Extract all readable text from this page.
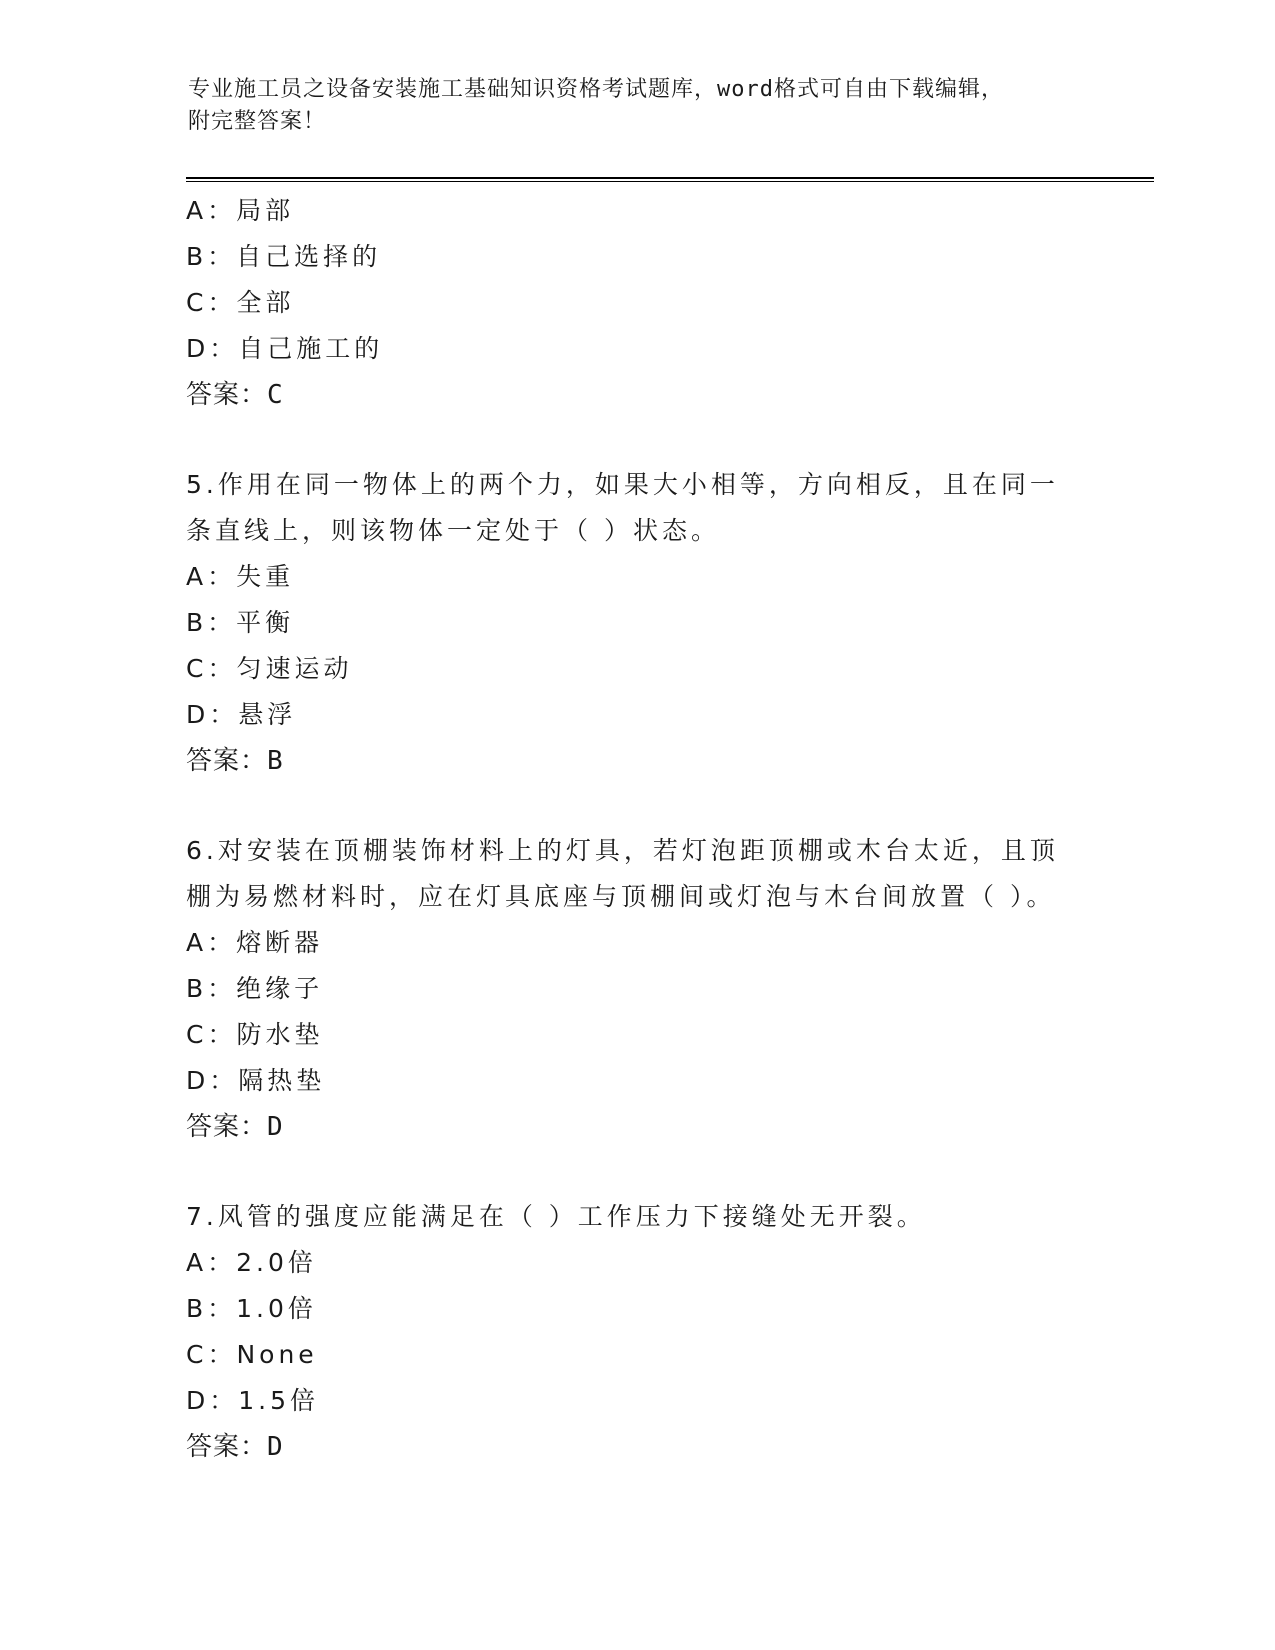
专业施工员之设备安装施工基础知识资格考试题库，word格式可自由下载编辑，
附完整答案！
A：局部
B：自己选择的
C：全部
D：自己施工的
答案：C
5.作用在同一物体上的两个力，如果大小相等，方向相反，且在同一条直线上，则该物体一定处于（ ）状态。
A：失重
B：平衡
C：匀速运动
D：悬浮
答案：B
6.对安装在顶棚装饰材料上的灯具，若灯泡距顶棚或木台太近，且顶棚为易燃材料时，应在灯具底座与顶棚间或灯泡与木台间放置（ ）。
A：熔断器
B：绝缘子
C：防水垫
D：隔热垫
答案：D
7.风管的强度应能满足在（ ）工作压力下接缝处无开裂。
A：2.0倍
B：1.0倍
C：None
D：1.5倍
答案：D
